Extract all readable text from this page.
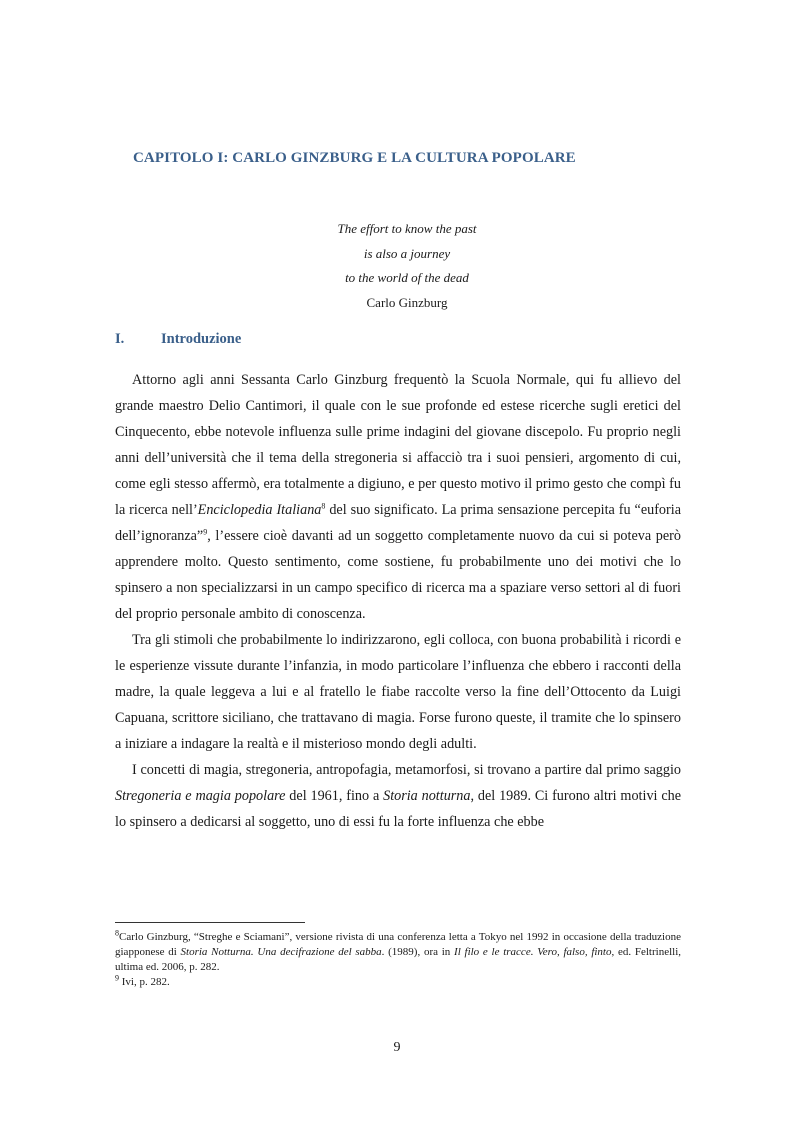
CAPITOLO I: CARLO GINZBURG E LA CULTURA POPOLARE
The effort to know the past
is also a journey
to the world of the dead
Carlo Ginzburg
I.	Introduzione

Attorno agli anni Sessanta Carlo Ginzburg frequentò la Scuola Normale, qui fu allievo del grande maestro Delio Cantimori, il quale con le sue profonde ed estese ricerche sugli eretici del Cinquecento, ebbe notevole influenza sulle prime indagini del giovane discepolo. Fu proprio negli anni dell’università che il tema della stregoneria si affacciò tra i suoi pensieri, argomento di cui, come egli stesso affermò, era totalmente a digiuno, e per questo motivo il primo gesto che compì fu la ricerca nell’Enciclopedia Italiana$^8$ del suo significato. La prima sensazione percepita fu “euforia dell’ignoranza”$^9$, l’essere cioè davanti ad un soggetto completamente nuovo da cui si poteva però apprendere molto. Questo sentimento, come sostiene, fu probabilmente uno dei motivi che lo spinsero a non specializzarsi in un campo specifico di ricerca ma a spaziare verso settori al di fuori del proprio personale ambito di conoscenza.

Tra gli stimoli che probabilmente lo indirizzarono, egli colloca, con buona probabilità i ricordi e le esperienze vissute durante l’infanzia, in modo particolare l’influenza che ebbero i racconti della madre, la quale leggeva a lui e al fratello le fiabe raccolte verso la fine dell’Ottocento da Luigi Capuana, scrittore siciliano, che trattavano di magia. Forse furono queste, il tramite che lo spinsero a iniziare a indagare la realtà e il misterioso mondo degli adulti.

I concetti di magia, stregoneria, antropofagia, metamorfosi, si trovano a partire dal primo saggio Stregoneria e magia popolare del 1961, fino a Storia notturna, del 1989. Ci furono altri motivi che lo spinsero a dedicarsi al soggetto, uno di essi fu la forte influenza che ebbe

$^8$Carlo Ginzburg, “Streghe e Sciamani”, versione rivista di una conferenza letta a Tokyo nel 1992 in occasione della traduzione giapponese di Storia Notturna. Una decifrazione del sabba. (1989), ora in Il filo e le tracce. Vero, falso, finto, ed. Feltrinelli, ultima ed. 2006, p. 282.

$^9$ Ivi, p. 282.

9
